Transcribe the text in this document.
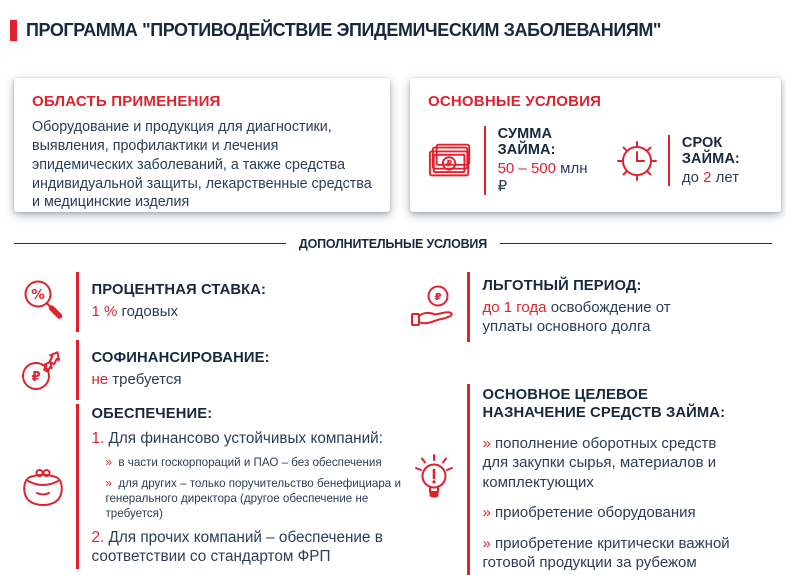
ПРОГРАММА "ПРОТИВОДЕЙСТВИЕ ЭПИДЕМИЧЕСКИМ ЗАБОЛЕВАНИЯМ"
ОБЛАСТЬ ПРИМЕНЕНИЯ
Оборудование и продукция для диагностики, выявления, профилактики и лечения эпидемических заболеваний, а также средства индивидуальной защиты, лекарственные средства и медицинские изделия
ОСНОВНЫЕ УСЛОВИЯ
₽
СУММА ЗАЙМА:
50 – 500 млн ₽
СРОК ЗАЙМА:
до 2 лет
ДОПОЛНИТЕЛЬНЫЕ УСЛОВИЯ
%	ПРОЦЕНТНАЯ СТАВКА:
1 % годовых
₽
СОФИНАНСИРОВАНИЕ:
не требуется
ОБЕСПЕЧЕНИЕ:
1. Для финансово устойчивых компаний:
»  в части госкорпораций и ПАО – без обеспечения
»  для других – только поручительство бенефициара и генерального директора (другое обеспечение не требуется)
2. Для прочих компаний – обеспечение в соответствии со стандартом ФРП
₽
ЛЬГОТНЫЙ ПЕРИОД:
до 1 года освобождение от уплаты основного долга
ОСНОВНОЕ ЦЕЛЕВОЕ НАЗНАЧЕНИЕ СРЕДСТВ ЗАЙМА:
» пополнение оборотных средств для закупки сырья, материалов и комплектующих
» приобретение оборудования
» приобретение критически важной готовой продукции за рубежом
